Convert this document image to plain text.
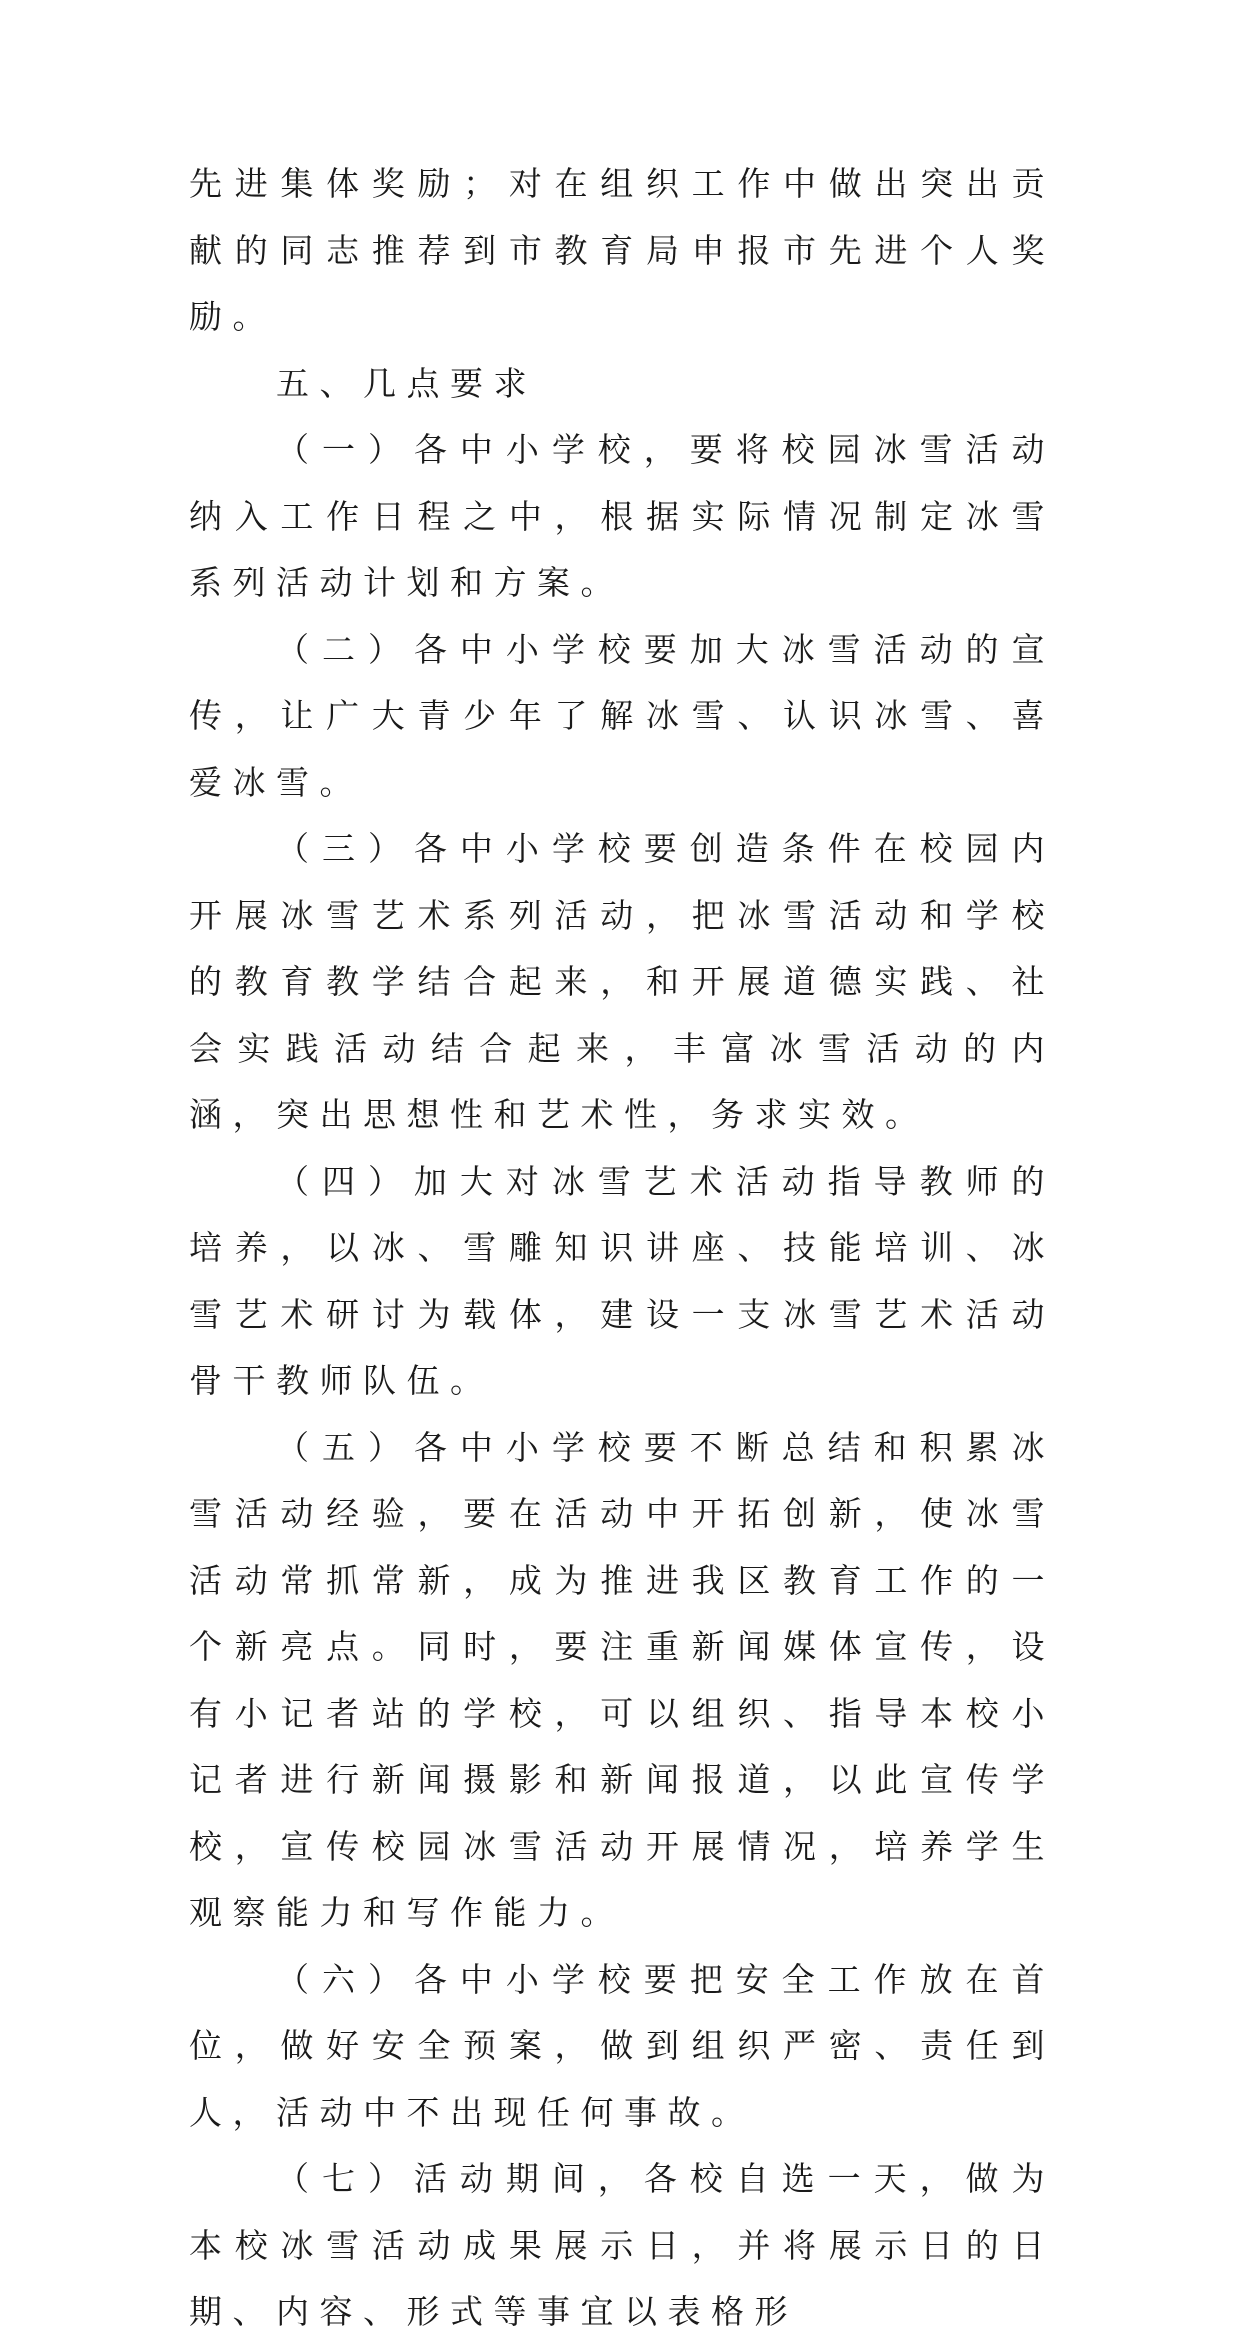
先进集体奖励；对在组织工作中做出突出贡献的同志推荐到市教育局申报市先进个人奖励。

五、几点要求

（一）各中小学校，要将校园冰雪活动纳入工作日程之中，根据实际情况制定冰雪系列活动计划和方案。

（二）各中小学校要加大冰雪活动的宣传，让广大青少年了解冰雪、认识冰雪、喜爱冰雪。

（三）各中小学校要创造条件在校园内开展冰雪艺术系列活动，把冰雪活动和学校的教育教学结合起来，和开展道德实践、社会实践活动结合起来，丰富冰雪活动的内涵，突出思想性和艺术性，务求实效。

（四）加大对冰雪艺术活动指导教师的培养，以冰、雪雕知识讲座、技能培训、冰雪艺术研讨为载体，建设一支冰雪艺术活动骨干教师队伍。

（五）各中小学校要不断总结和积累冰雪活动经验，要在活动中开拓创新，使冰雪活动常抓常新，成为推进我区教育工作的一个新亮点。同时，要注重新闻媒体宣传，设有小记者站的学校，可以组织、指导本校小记者进行新闻摄影和新闻报道，以此宣传学校，宣传校园冰雪活动开展情况，培养学生观察能力和写作能力。

（六）各中小学校要把安全工作放在首位，做好安全预案，做到组织严密、责任到人，活动中不出现任何事故。

（七）活动期间，各校自选一天，做为本校冰雪活动成果展示日，并将展示日的日期、内容、形式等事宜以表格形
